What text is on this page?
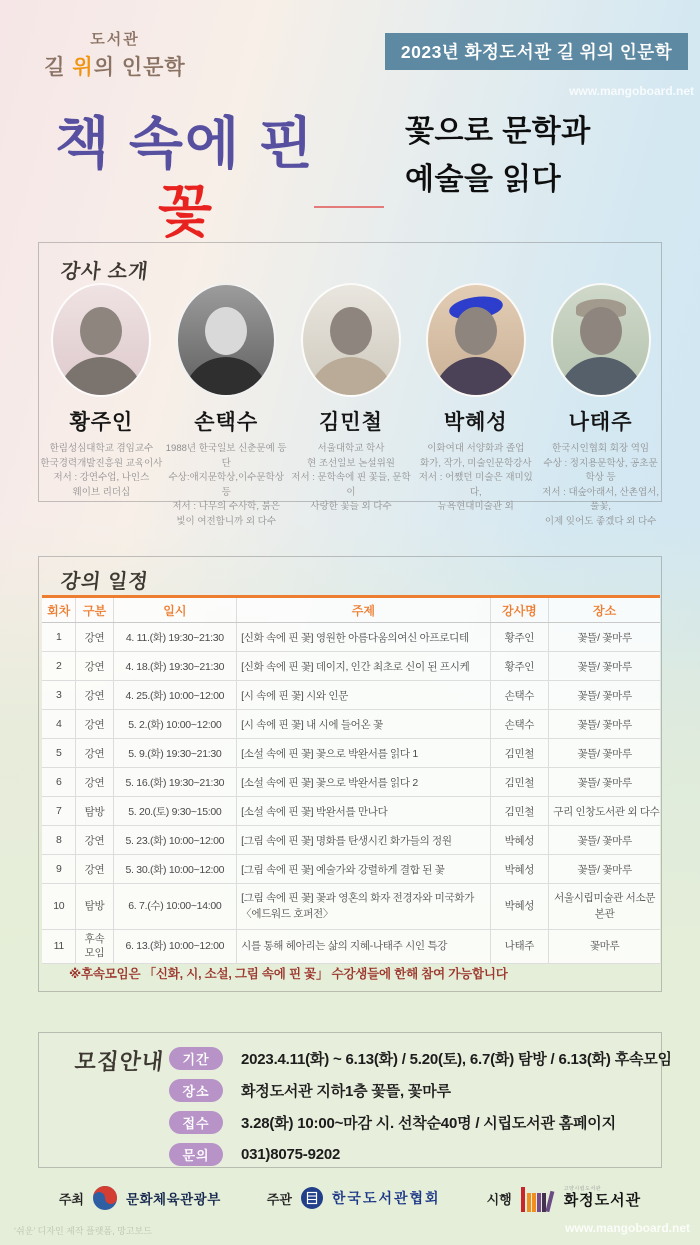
도서관
길 위의 인문학
2023년 화정도서관 길 위의 인문학
www.mangoboard.net
책 속에 핀
꽃
꽃으로 문학과
예술을 읽다
강사 소개
황주인
한림성심대학교 겸임교수
한국경력개발진흥원 교육이사
저서 : 강연수업, 나인스
웨이브 리더십
손택수
1988년 한국일보 신춘문예 등단
수상:애지문학상,이수문학상 등
저서 : 나무의 수사학, 붉은
빛이 여전합니까 외 다수
김민철
서울대학교 학사
현 조선일보 논설위원
저서 : 문학속에 핀 꽃들, 문학이
사랑한 꽃들 외 다수
박혜성
이화여대 서양화과 졸업
화가, 작가, 미술인문학강사
저서 : 어쨌던 미술은 재미있다,
뉴욕현대미술관 외
나태주
한국시인협회 회장 역임
수상 : 정지용문학상, 공초문학상 등
저서 : 대숲아래서, 산촌엽서, 풀꽃,
이제 잊어도 좋겠다 외 다수
강의 일정
회차	구분	일시	주제	강사명	장소
1	강연	4. 11.(화) 19:30~21:30	[신화 속에 핀 꽃] 영원한 아름다움의여신 아프로디테	황주인	꽃뜰/ 꽃마루
2	강연	4. 18.(화) 19:30~21:30	[신화 속에 핀 꽃] 데이지, 인간 최초로 신이 된 프시케	황주인	꽃뜰/ 꽃마루
3	강연	4. 25.(화) 10:00~12:00	[시 속에 핀 꽃] 시와 인문	손택수	꽃뜰/ 꽃마루
4	강연	5. 2.(화) 10:00~12:00	[시 속에 핀 꽃] 내 시에 들어온 꽃	손택수	꽃뜰/ 꽃마루
5	강연	5. 9.(화) 19:30~21:30	[소설 속에 핀 꽃] 꽃으로 박완서를 읽다 1	김민철	꽃뜰/ 꽃마루
6	강연	5. 16.(화) 19:30~21:30	[소설 속에 핀 꽃] 꽃으로 박완서를 읽다 2	김민철	꽃뜰/ 꽃마루
7	탐방	5. 20.(토) 9:30~15:00	[소설 속에 핀 꽃] 박완서를 만나다	김민철	구리 인창도서관 외 다수
8	강연	5. 23.(화) 10:00~12:00	[그림 속에 핀 꽃] 명화를 탄생시킨 화가들의 정원	박혜성	꽃뜰/ 꽃마루
9	강연	5. 30.(화) 10:00~12:00	[그림 속에 핀 꽃] 예술가와 강렬하게 결합 된 꽃	박혜성	꽃뜰/ 꽃마루
10	탐방	6. 7.(수) 10:00~14:00	[그림 속에 핀 꽃] 꽃과 영혼의 화자 전경자와 미국화가 〈에드워드 호퍼전〉	박혜성	서울시립미술관 서소문 본관
11	후속 모임	6. 13.(화) 10:00~12:00	시를 통해 헤아리는 삶의 지혜-나태주 시인 특강	나태주	꽃마루
※후속모임은 「신화, 시, 소설, 그림 속에 핀 꽃」 수강생들에 한해 참여 가능합니다
모집안내	기간	2023.4.11(화) ~ 6.13(화) / 5.20(토), 6.7(화) 탐방 / 6.13(화) 후속모임
장소	화정도서관 지하1층 꽃뜰, 꽃마루
접수	3.28(화) 10:00~마감 시. 선착순40명 / 시립도서관 홈페이지
문의	031)8075-9202
주최	문화체육관광부	주관	한국도서관협회	시행
고양시립도서관
화정도서관
‘쉬운’ 디자인 제작 플랫폼, 망고보드	www.mangoboard.net
